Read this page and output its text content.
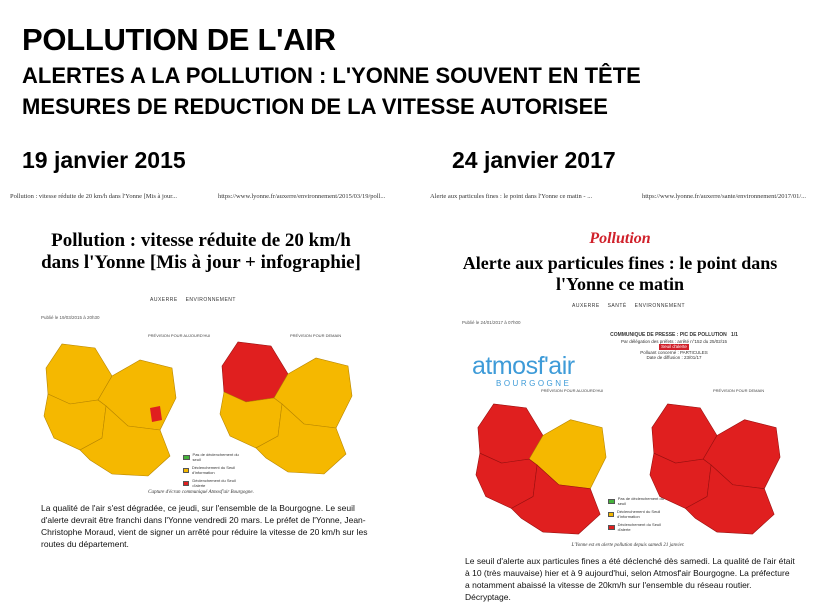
POLLUTION DE L'AIR
ALERTES A LA POLLUTION : L'YONNE SOUVENT EN TÊTE
MESURES DE REDUCTION DE LA VITESSE AUTORISEE
19 janvier 2015	24 janvier 2017
Pollution : vitesse réduite de 20 km/h dans l'Yonne [Mis à jour...	https://www.lyonne.fr/auxerre/environnement/2015/03/19/poll...
Pollution : vitesse réduite de 20 km/h dans l'Yonne [Mis à jour + infographie]
AUXERRE ENVIRONNEMENT
Publié le 19/03/2015 à 20h30
PRÉVISION POUR AUJOURD'HUI	PRÉVISION POUR DEMAIN
Pas de déclenchement du seuil
Déclenchement du Seuil d'information
Déclenchement du Seuil d'alerte
Capture d'écran communiqué Atmosf'air Bourgogne.
La qualité de l'air s'est dégradée, ce jeudi, sur l'ensemble de la Bourgogne. Le seuil d'alerte devrait être franchi dans l'Yonne vendredi 20 mars. Le préfet de l'Yonne, Jean-Christophe Moraud, vient de signer un arrêté pour réduire la vitesse de 20 km/h sur les routes du département.
Alerte aux particules fines : le point dans l'Yonne ce matin - ...	https://www.lyonne.fr/auxerre/sante/environnement/2017/01/...
Pollution
Alerte aux particules fines : le point dans l'Yonne ce matin
AUXERRE SANTÉ ENVIRONNEMENT
Publié le 24/01/2017 à 07h00
COMMUNIQUE DE PRESSE : PIC DE POLLUTION 1/1
Par délégation des préfets : arrêté n°152 du 25/02/15
Seuil d'alerte
Polluant concerné : PARTICULES
Date de diffusion : 23/01/17
atmosf'air
BOURGOGNE
PRÉVISION POUR AUJOURD'HUI	PRÉVISION POUR DEMAIN
Pas de déclenchement du seuil
Déclenchement du Seuil d'information
Déclenchement du Seuil d'alerte
L'Yonne est en alerte pollution depuis samedi 21 janvier.
Le seuil d'alerte aux particules fines a été déclenché dès samedi. La qualité de l'air était à 10 (très mauvaise) hier et à 9 aujourd'hui, selon Atmosf'air Bourgogne. La préfecture a notamment abaissé la vitesse de 20km/h sur l'ensemble du réseau routier. Décryptage.
